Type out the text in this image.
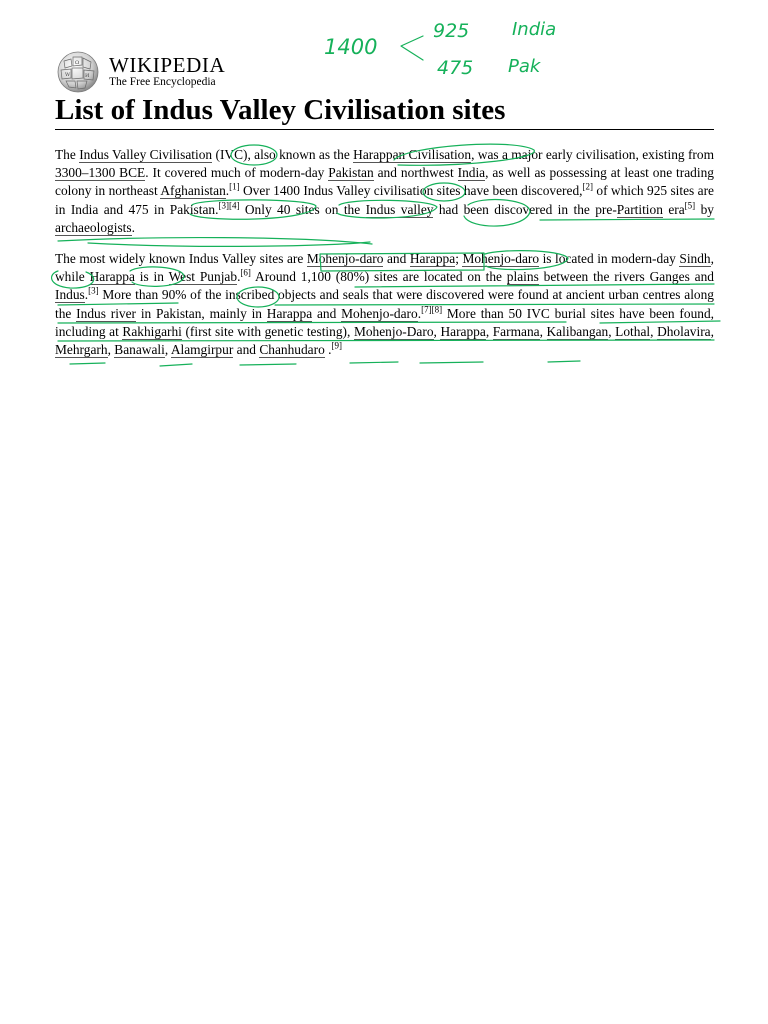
Ω
W	И WIKIPEDIA
The Free Encyclopedia
List of Indus Valley Civilisation sites

The Indus Valley Civilisation (IVC), also known as the Harappan Civilisation, was a major early civilisation, existing from 3300–1300 BCE. It covered much of modern-day Pakistan and northwest India, as well as possessing at least one trading colony in northeast Afghanistan.[1] Over 1400 Indus Valley civilisation sites have been discovered,[2] of which 925 sites are in India and 475 in Pakistan.[3][4] Only 40 sites on the Indus valley had been discovered in the pre-Partition era[5] by archaeologists.

The most widely known Indus Valley sites are Mohenjo-daro and Harappa; Mohenjo-daro is located in modern-day Sindh, while Harappa is in West Punjab.[6] Around 1,100 (80%) sites are located on the plains between the rivers Ganges and Indus.[3] More than 90% of the inscribed objects and seals that were discovered were found at ancient urban centres along the Indus river in Pakistan, mainly in Harappa and Mohenjo-daro.[7][8] More than 50 IVC burial sites have been found, including at Rakhigarhi (first site with genetic testing), Mohenjo-Daro, Harappa, Farmana, Kalibangan, Lothal, Dholavira, Mehrgarh, Banawali, Alamgirpur and Chanhudaro .[9]

1400
925 India
475 Pak
